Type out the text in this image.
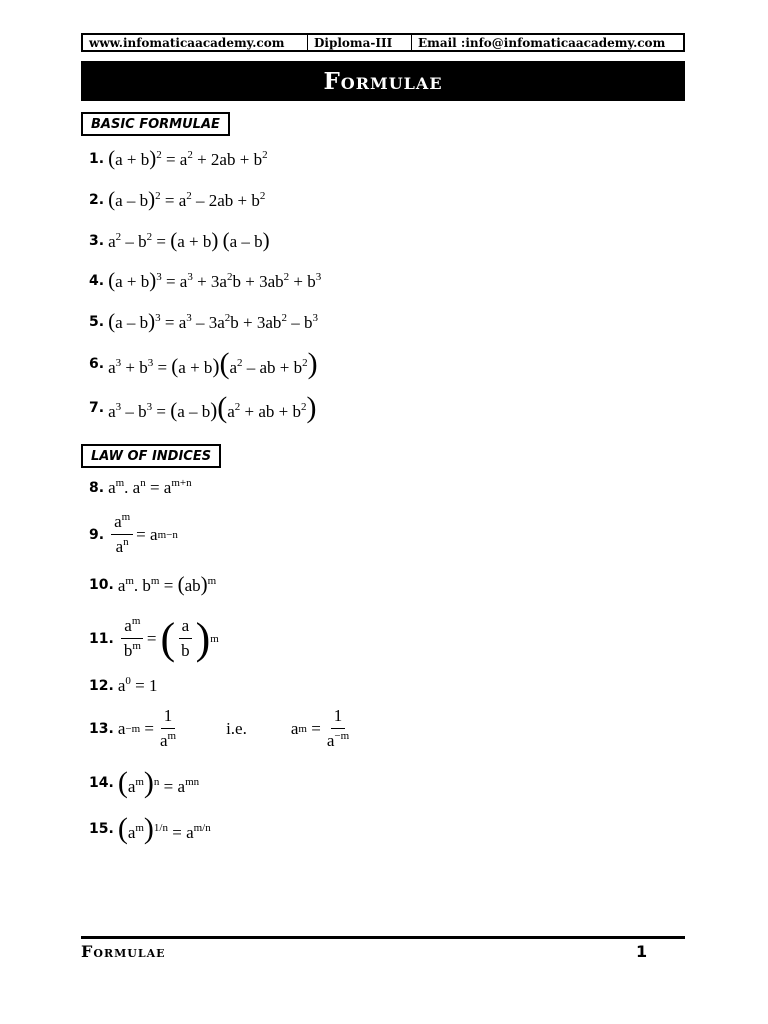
www.infomaticaacademy.com	Diploma-III	Email :info@infomaticaacademy.com
Formulae
BASIC FORMULAE
1. $(a + b)^2 = a^2 + 2ab + b^2$
2. $(a - b)^2 = a^2 - 2ab + b^2$
3. $a^2 - b^2 = (a + b)$ (a – b)
4. $(a + b)^3 = a^3 + 3a^2b + 3ab^2 + b^3$
5. $(a - b)^3 = a^3 - 3a^2b + 3ab^2 - b^3$
6. $a^3 + b^3 = (a + b)(a^2$ – ab + $b^2$)
7. $a^3 - b^3 = (a - b)(a^2$ + ab + $b^2$)
LAW OF INDICES
8. $a^m$. $a^n = a^{m+n}$
9. $\frac{a^m}{a^n} = a$ m−n
10. $a^m$. $b^m = (ab)^m$
11. $\frac{a^m}{b^m}$ = ( $\frac{a}{b}$ ) m
12. $a^0 = 1$
13. $a -m = \frac{1}{a^m}$	i.e.	a $m = \frac{1}{a^{-m}}$
14. $(a^m)^n = a^{mn}$
15. $(a^m)^{1/n} = a^{m/n}$
Formulae	1
